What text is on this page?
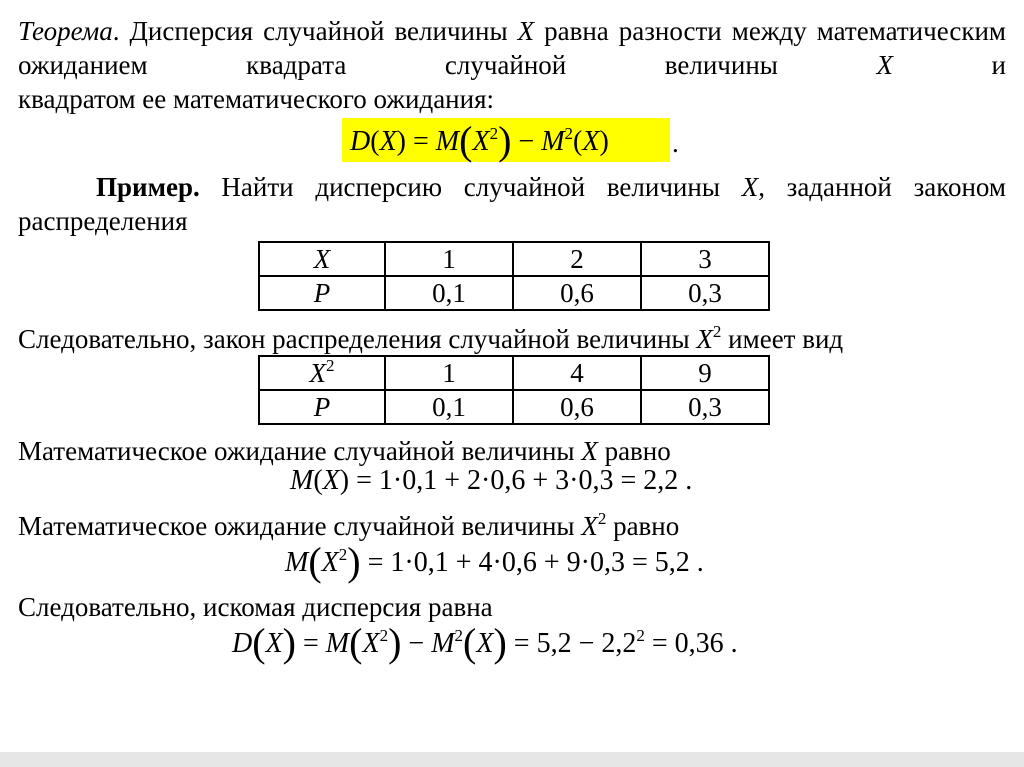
Теорема. Дисперсия случайной величины X равна разности между математическим ожиданием квадрата случайной величины X и
квадратом ее математического ожидания:

$D(X) = M(X^2) - M^2(X)$ .

Пример. Найти дисперсию случайной величины X, заданной законом распределения

X	1	2	3
P	0,1	0,6	0,3
Следовательно, закон распределения случайной величины $X^2$ имеет вид
$X^2$	1	4	9
P	0,1	0,6	0,3
Математическое ожидание случайной величины X равно
M(X) = 1·0,1 + 2·0,6 + 3·0,3 = 2,2 .
Математическое ожидание случайной величины $X^2$ равно
$M(X^2) = 1\cdot 0,1 + 4\cdot 0,6 + 9\cdot 0,3 = 5,2$ .
Следовательно, искомая дисперсия равна
$D(X) = M(X^2) - M^2(X) = 5,2 - 2,2^2 = 0,36$ .
